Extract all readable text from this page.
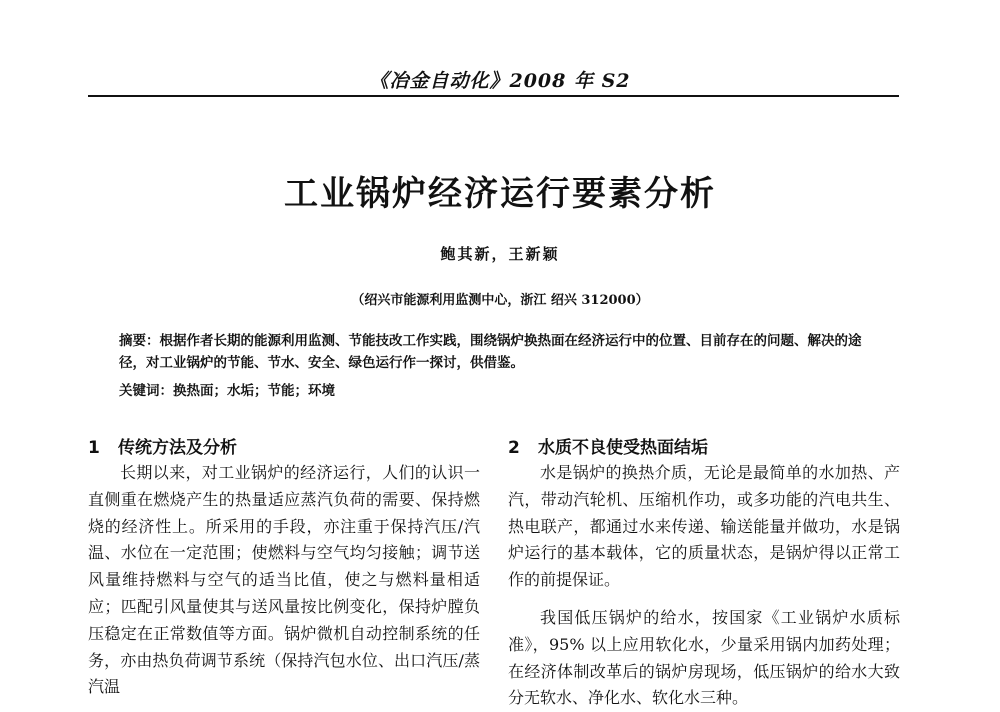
《冶金自动化》2008 年 S2
工业锅炉经济运行要素分析
鲍其新，王新颖
（绍兴市能源利用监测中心，浙江 绍兴 312000）
摘要：根据作者长期的能源利用监测、节能技改工作实践，围绕锅炉换热面在经济运行中的位置、目前存在的问题、解决的途径，对工业锅炉的节能、节水、安全、绿色运行作一探讨，供借鉴。
关键词：换热面；水垢；节能；环境
1 传统方法及分析

长期以来，对工业锅炉的经济运行，人们的认识一直侧重在燃烧产生的热量适应蒸汽负荷的需要、保持燃烧的经济性上。所采用的手段，亦注重于保持汽压/汽温、水位在一定范围；使燃料与空气均匀接触；调节送风量维持燃料与空气的适当比值，使之与燃料量相适应；匹配引风量使其与送风量按比例变化，保持炉膛负压稳定在正常数值等方面。锅炉微机自动控制系统的任务，亦由热负荷调节系统（保持汽包水位、出口汽压/蒸汽温

2 水质不良使受热面结垢

水是锅炉的换热介质，无论是最简单的水加热、产汽，带动汽轮机、压缩机作功，或多功能的汽电共生、热电联产，都通过水来传递、输送能量并做功，水是锅炉运行的基本载体，它的质量状态，是锅炉得以正常工作的前提保证。

我国低压锅炉的给水，按国家《工业锅炉水质标准》，95% 以上应用软化水，少量采用锅内加药处理；在经济体制改革后的锅炉房现场，低压锅炉的给水大致分无软水、净化水、软化水三种。
